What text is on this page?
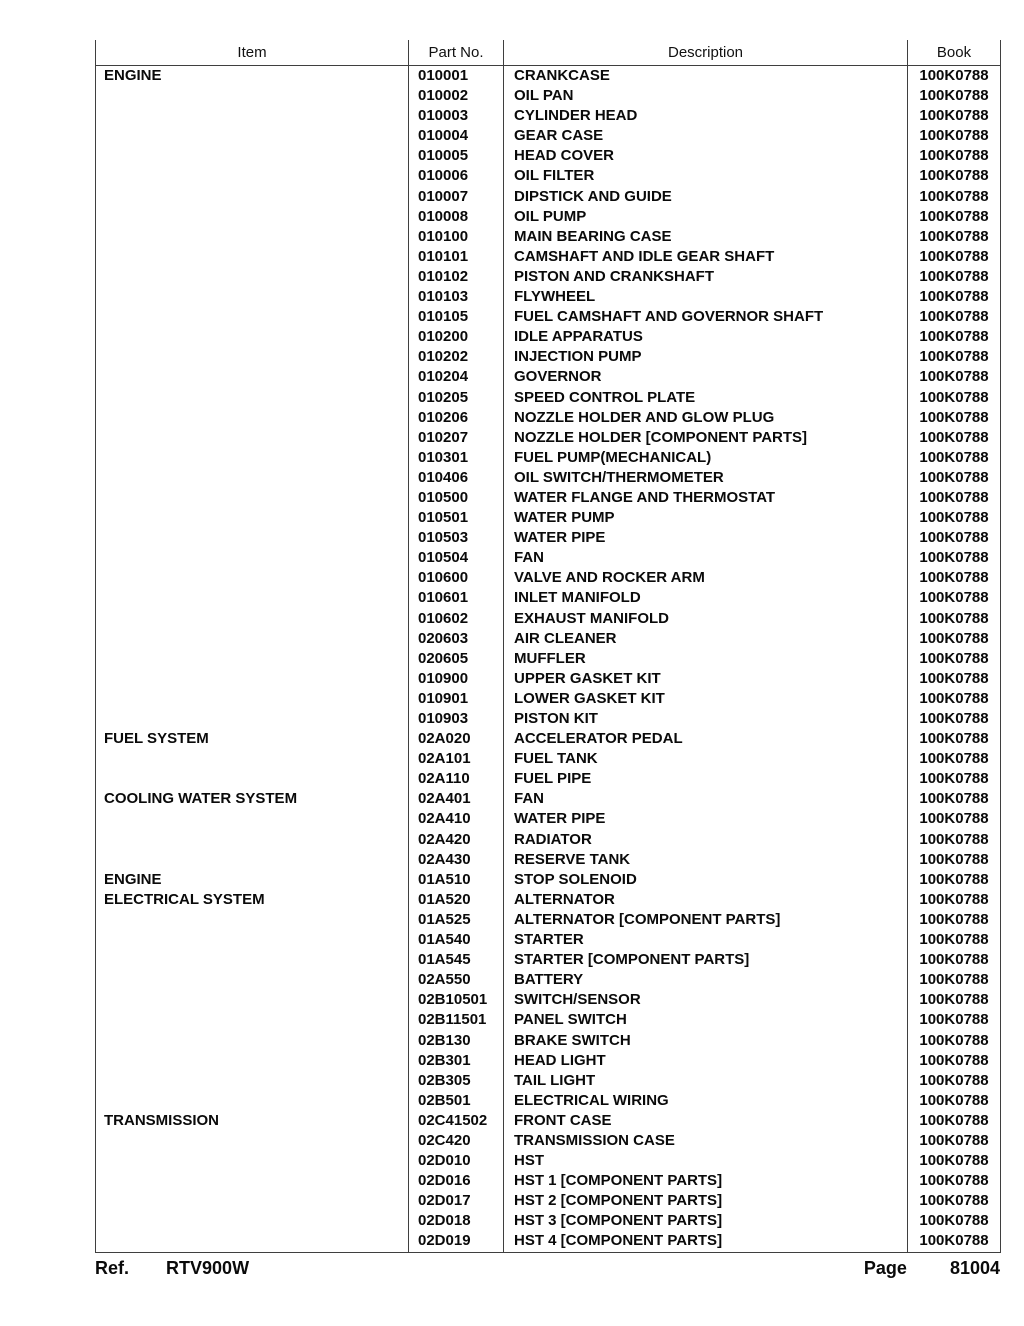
Item	Part No.	Description	Book
ENGINE	010001	CRANKCASE	100K0788
	010002	OIL PAN	100K0788
	010003	CYLINDER HEAD	100K0788
	010004	GEAR CASE	100K0788
	010005	HEAD COVER	100K0788
	010006	OIL FILTER	100K0788
	010007	DIPSTICK AND GUIDE	100K0788
	010008	OIL PUMP	100K0788
	010100	MAIN BEARING CASE	100K0788
	010101	CAMSHAFT AND IDLE GEAR SHAFT	100K0788
	010102	PISTON AND CRANKSHAFT	100K0788
	010103	FLYWHEEL	100K0788
	010105	FUEL CAMSHAFT AND GOVERNOR SHAFT	100K0788
	010200	IDLE APPARATUS	100K0788
	010202	INJECTION PUMP	100K0788
	010204	GOVERNOR	100K0788
	010205	SPEED CONTROL PLATE	100K0788
	010206	NOZZLE HOLDER AND GLOW PLUG	100K0788
	010207	NOZZLE HOLDER [COMPONENT PARTS]	100K0788
	010301	FUEL PUMP(MECHANICAL)	100K0788
	010406	OIL SWITCH/THERMOMETER	100K0788
	010500	WATER FLANGE AND THERMOSTAT	100K0788
	010501	WATER PUMP	100K0788
	010503	WATER PIPE	100K0788
	010504	FAN	100K0788
	010600	VALVE AND ROCKER ARM	100K0788
	010601	INLET MANIFOLD	100K0788
	010602	EXHAUST MANIFOLD	100K0788
	020603	AIR CLEANER	100K0788
	020605	MUFFLER	100K0788
	010900	UPPER GASKET KIT	100K0788
	010901	LOWER GASKET KIT	100K0788
	010903	PISTON KIT	100K0788
FUEL SYSTEM	02A020	ACCELERATOR PEDAL	100K0788
	02A101	FUEL TANK	100K0788
	02A110	FUEL PIPE	100K0788
COOLING WATER SYSTEM	02A401	FAN	100K0788
	02A410	WATER PIPE	100K0788
	02A420	RADIATOR	100K0788
	02A430	RESERVE TANK	100K0788
ENGINE	01A510	STOP SOLENOID	100K0788
ELECTRICAL SYSTEM	01A520	ALTERNATOR	100K0788
	01A525	ALTERNATOR [COMPONENT PARTS]	100K0788
	01A540	STARTER	100K0788
	01A545	STARTER [COMPONENT PARTS]	100K0788
	02A550	BATTERY	100K0788
	02B10501	SWITCH/SENSOR	100K0788
	02B11501	PANEL SWITCH	100K0788
	02B130	BRAKE SWITCH	100K0788
	02B301	HEAD LIGHT	100K0788
	02B305	TAIL LIGHT	100K0788
	02B501	ELECTRICAL WIRING	100K0788
TRANSMISSION	02C41502	FRONT CASE	100K0788
	02C420	TRANSMISSION CASE	100K0788
	02D010	HST	100K0788
	02D016	HST 1 [COMPONENT PARTS]	100K0788
	02D017	HST 2 [COMPONENT PARTS]	100K0788
	02D018	HST 3 [COMPONENT PARTS]	100K0788
	02D019	HST 4 [COMPONENT PARTS]	100K0788
Ref. RTV900W	Page 81004
